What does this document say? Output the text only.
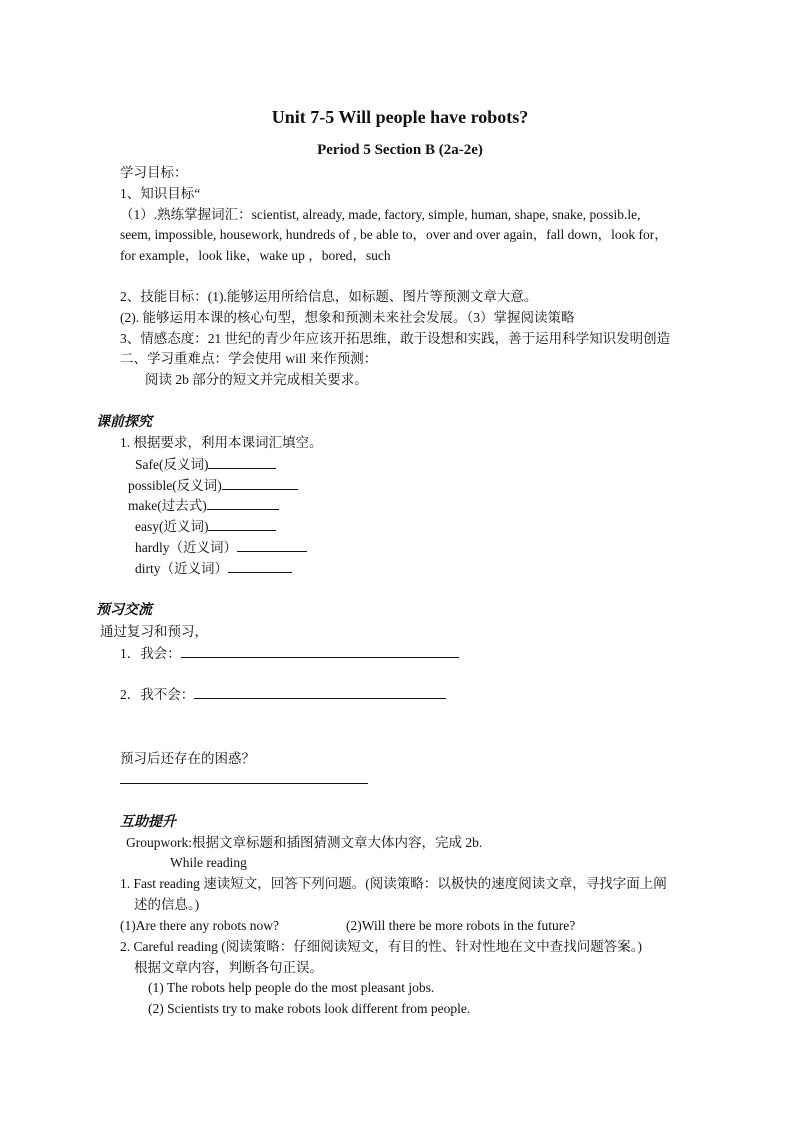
Unit 7-5 Will people have robots?
Period 5 Section B (2a-2e)
学习目标：
1、知识目标“
（1）.熟练掌握词汇：scientist, already, made, factory, simple, human, shape, snake, possib.le,
seem, impossible, housework, hundreds of , be able to，over and over again，fall down，look for，
for example，look like，wake up ，bored，such
2、技能目标：(1).能够运用所给信息，如标题、图片等预测文章大意。
(2). 能够运用本课的核心句型，想象和预测未来社会发展。（3）掌握阅读策略
3、情感态度：21 世纪的青少年应该开拓思维，敢于设想和实践，善于运用科学知识发明创造
二、学习重难点：学会使用 will 来作预测：
阅读 2b 部分的短文并完成相关要求。
课前探究
1. 根据要求，利用本课词汇填空。
Safe(反义词)
possible(反义词)
make(过去式)
easy(近义词)
hardly（近义词）
dirty（近义词）
预习交流
通过复习和预习，
1．我会：
2．我不会：
预习后还存在的困惑？
互助提升
Groupwork:根据文章标题和插图猜测文章大体内容，完成 2b.
While reading
1. Fast reading 速读短文，回答下列问题。(阅读策略：以极快的速度阅读文章，寻找字面上阐
述的信息。)
(1)Are there any robots now?	(2)Will there be more robots in the future?
2. Careful reading (阅读策略：仔细阅读短文，有目的性、针对性地在文中查找问题答案。)
根据文章内容，判断各句正误。
(1) The robots help people do the most pleasant jobs.
(2) Scientists try to make robots look different from people.
